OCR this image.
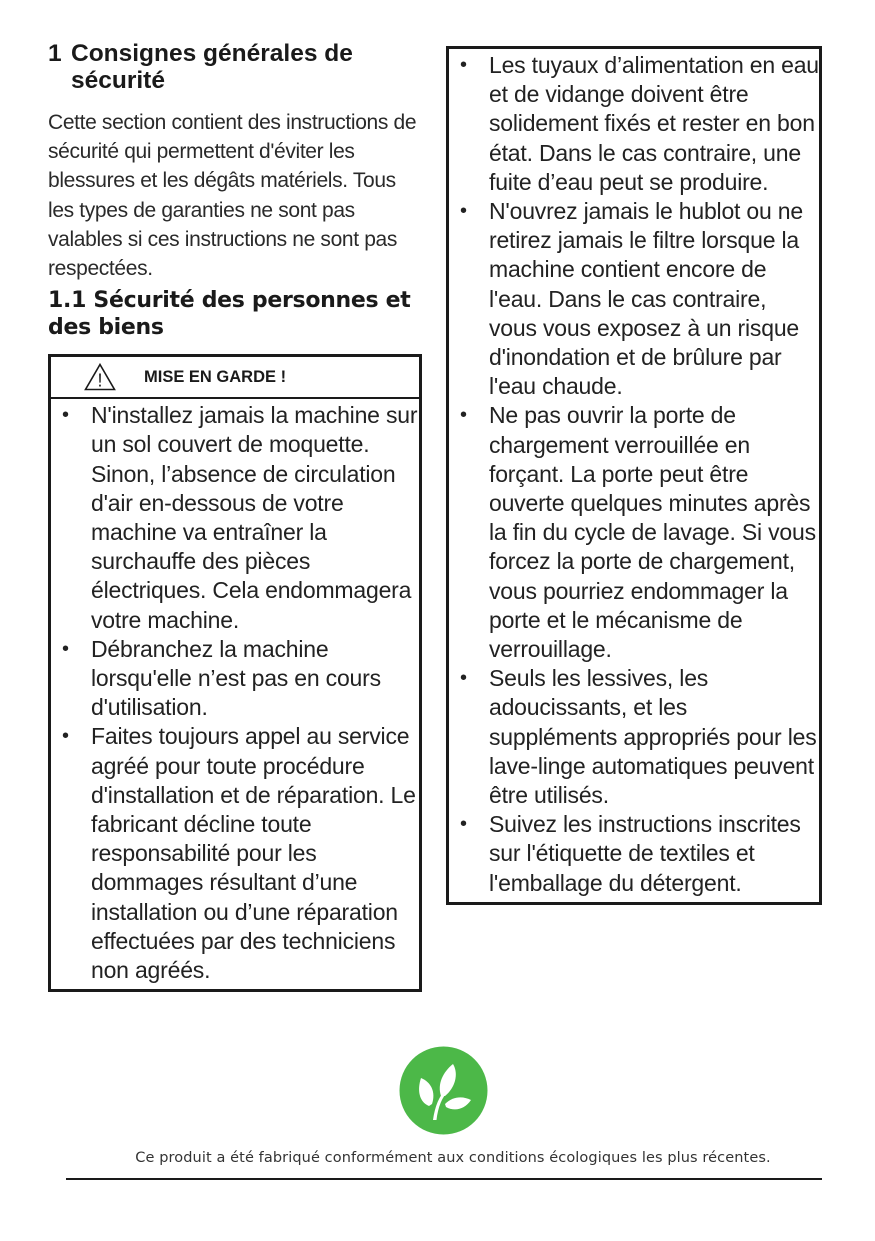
1 Consignes générales de sécurité

Cette section contient des instructions de sécurité qui permettent d'éviter les blessures et les dégâts matériels. Tous les types de garanties ne sont pas valables si ces instructions ne sont pas respectées.

1.1 Sécurité des personnes et des biens
!	MISE EN GARDE !
• N'installez jamais la machine sur un sol couvert de moquette. Sinon, l’absence de circulation d'air en-dessous de votre machine va entraîner la surchauffe des pièces électriques. Cela endommagera votre machine.
• Débranchez la machine lorsqu'elle n’est pas en cours d'utilisation.
• Faites toujours appel au service agréé pour toute procédure d'installation et de réparation. Le fabricant décline toute responsabilité pour les dommages résultant d’une installation ou d’une réparation effectuées par des techniciens non agréés.
• Les tuyaux d’alimentation en eau et de vidange doivent être solidement fixés et rester en bon état. Dans le cas contraire, une fuite d’eau peut se produire.
• N'ouvrez jamais le hublot ou ne retirez jamais le filtre lorsque la machine contient encore de l'eau. Dans le cas contraire, vous vous exposez à un risque d'inondation et de brûlure par l'eau chaude.
• Ne pas ouvrir la porte de chargement verrouillée en forçant. La porte peut être ouverte quelques minutes après la fin du cycle de lavage. Si vous forcez la porte de chargement, vous pourriez endommager la porte et le mécanisme de verrouillage.
• Seuls les lessives, les adoucissants, et les suppléments appropriés pour les lave-linge automatiques peuvent être utilisés.
• Suivez les instructions inscrites sur l'étiquette de textiles et l'emballage du détergent.

Ce produit a été fabriqué conformément aux conditions écologiques les plus récentes.
